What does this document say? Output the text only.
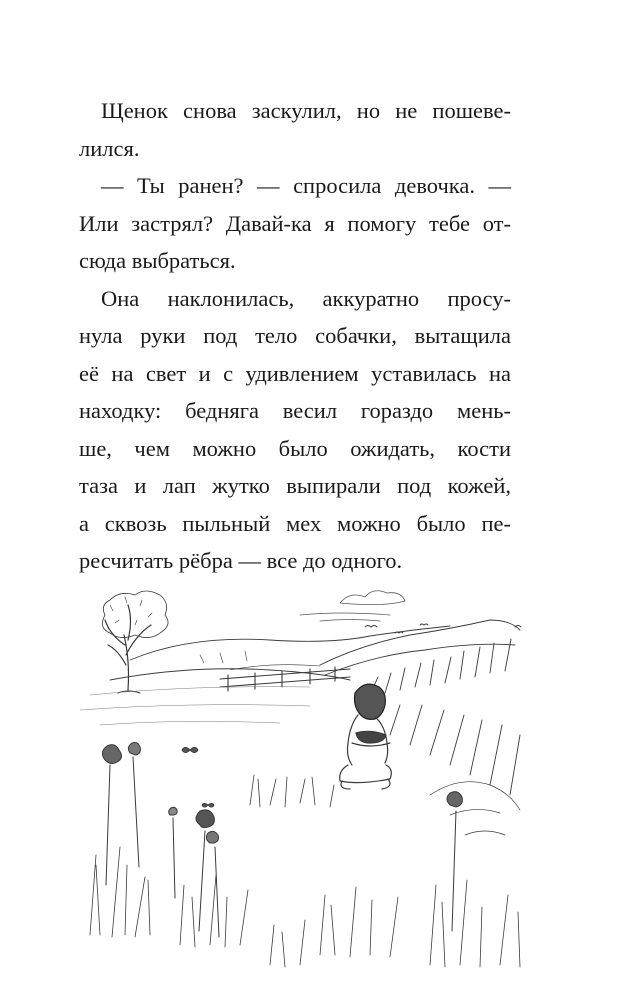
Щенок снова заскулил, но не пошеве-
лился.
— Ты ранен? — спросила девочка. —
Или застрял? Давай-ка я помогу тебе от-
сюда выбраться.
Она наклонилась, аккуратно просу-
нула руки под тело собачки, вытащила
её на свет и с удивлением уставилась на
находку: бедняга весил гораздо мень-
ше, чем можно было ожидать, кости
таза и лап жутко выпирали под кожей,
а сквозь пыльный мех можно было пе-
ресчитать рёбра — все до одного.
